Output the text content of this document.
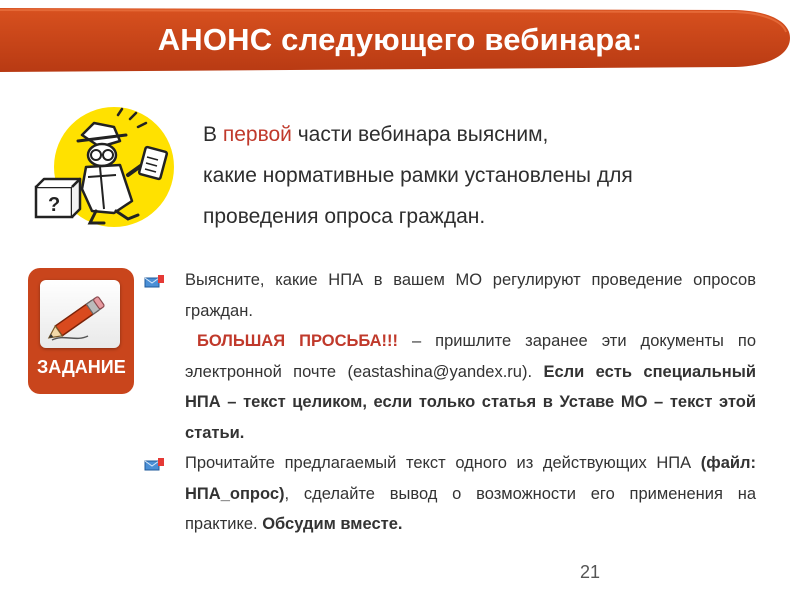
АНОНС следующего вебинара:
?
В первой части вебинара выясним,
какие нормативные рамки установлены для
проведения опроса граждан.
ЗАДАНИЕ
Выясните, какие НПА в вашем МО регулируют проведение опросов граждан.
БОЛЬШАЯ ПРОСЬБА!!! – пришлите заранее эти документы по электронной почте (eastashina@yandex.ru). Если есть специальный НПА – текст целиком, если только статья в Уставе МО – текст этой статьи.
Прочитайте предлагаемый текст одного из действующих НПА (файл: НПА_опрос), сделайте вывод о возможности его применения на практике. Обсудим вместе.
21
